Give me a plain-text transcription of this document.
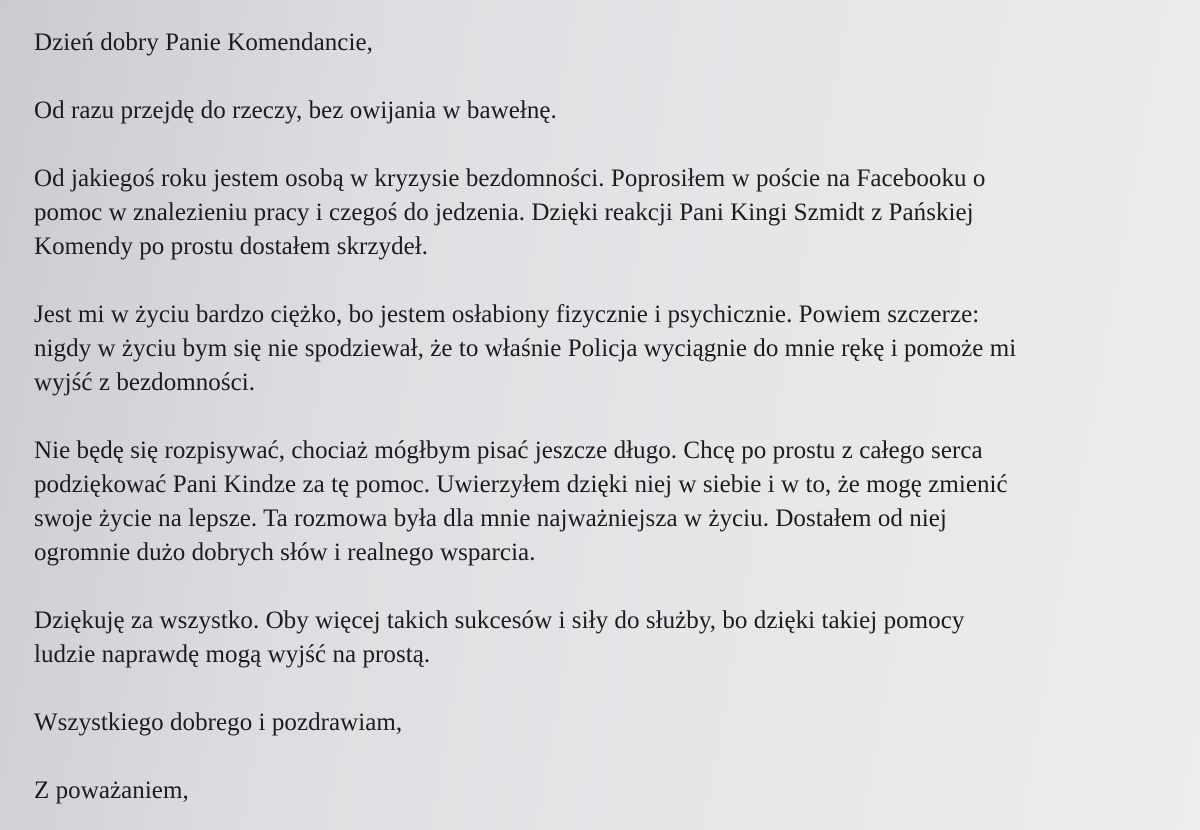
Dzień dobry Panie Komendancie,

Od razu przejdę do rzeczy, bez owijania w bawełnę.

Od jakiegoś roku jestem osobą w kryzysie bezdomności. Poprosiłem w poście na Facebooku o

pomoc w znalezieniu pracy i czegoś do jedzenia. Dzięki reakcji Pani Kingi Szmidt z Pańskiej

Komendy po prostu dostałem skrzydeł.

Jest mi w życiu bardzo ciężko, bo jestem osłabiony fizycznie i psychicznie. Powiem szczerze:

nigdy w życiu bym się nie spodziewał, że to właśnie Policja wyciągnie do mnie rękę i pomoże mi

wyjść z bezdomności.

Nie będę się rozpisywać, chociaż mógłbym pisać jeszcze długo. Chcę po prostu z całego serca

podziękować Pani Kindze za tę pomoc. Uwierzyłem dzięki niej w siebie i w to, że mogę zmienić

swoje życie na lepsze. Ta rozmowa była dla mnie najważniejsza w życiu. Dostałem od niej

ogromnie dużo dobrych słów i realnego wsparcia.

Dziękuję za wszystko. Oby więcej takich sukcesów i siły do służby, bo dzięki takiej pomocy

ludzie naprawdę mogą wyjść na prostą.

Wszystkiego dobrego i pozdrawiam,

Z poważaniem,
